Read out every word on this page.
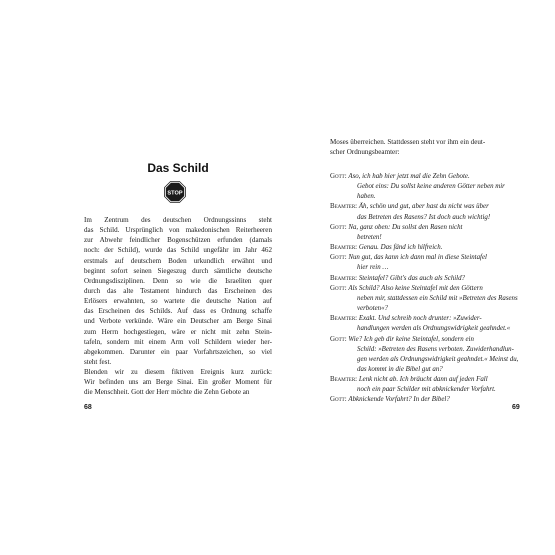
Das Schild
STOP
Im Zentrum des deutschen Ordnungssinns steht
das Schild. Ursprünglich von makedonischen Reiterheeren
zur Abwehr feindlicher Bogenschützen erfunden (damals
noch: der Schild), wurde das Schild ungefähr im Jahr 462
erstmals auf deutschem Boden urkundlich erwähnt und
beginnt sofort seinen Siegeszug durch sämtliche deutsche
Ordnungsdisziplinen. Denn so wie die Israeliten quer
durch das alte Testament hindurch das Erscheinen des
Erlösers erwahnten, so wartete die deutsche Nation auf
das Erscheinen des Schilds. Auf dass es Ordnung schaffe
und Verbote verkünde. Wäre ein Deutscher am Berge Sinai
zum Herrn hochgestiegen, wäre er nicht mit zehn Stein-
tafeln, sondern mit einem Arm voll Schildern wieder her-
abgekommen. Darunter ein paar Vorfahrtszeichen, so viel
steht fest.
Blenden wir zu diesem fiktiven Ereignis kurz zurück:
Wir befinden uns am Berge Sinai. Ein großer Moment für
die Menschheit. Gott der Herr möchte die Zehn Gebote an
68
Moses überreichen. Stattdessen steht vor ihm ein deut-
scher Ordnungsbeamter:
Gott: Aso, ich hab hier jetzt mal die Zehn Gebote.
Gebot eins: Du sollst keine anderen Götter neben mir
haben.
Beamter: Äh, schön und gut, aber hast du nicht was über
das Betreten des Rasens? Ist doch auch wichtig!
Gott: Na, ganz oben: Du sollst den Rasen nicht
betreten!
Beamter: Genau. Das fänd ich hilfreich.
Gott: Nun gut, das kann ich dann mal in diese Steintafel
hier rein …
Beamter: Steintafel? Gibt's das auch als Schild?
Gott: Als Schild? Also keine Steintafel mit den Göttern
neben mir, stattdessen ein Schild mit »Betreten des Rasens
verboten«?
Beamter: Exakt. Und schreib noch drunter: »Zuwider-
handlungen werden als Ordnungswidrigkeit geahndet.«
Gott: Wie? Ich geb dir keine Steintafel, sondern ein
Schild: »Betreten des Rasens verboten. Zuwiderhandlun-
gen werden als Ordnungswidrigkeit geahndet.« Meinst du,
das kommt in die Bibel gut an?
Beamter: Lenk nicht ab. Ich bräucht dann auf jeden Fall
noch ein paar Schilder mit abknickender Vorfahrt.
Gott: Abknickende Vorfahrt? In der Bibel?
69
